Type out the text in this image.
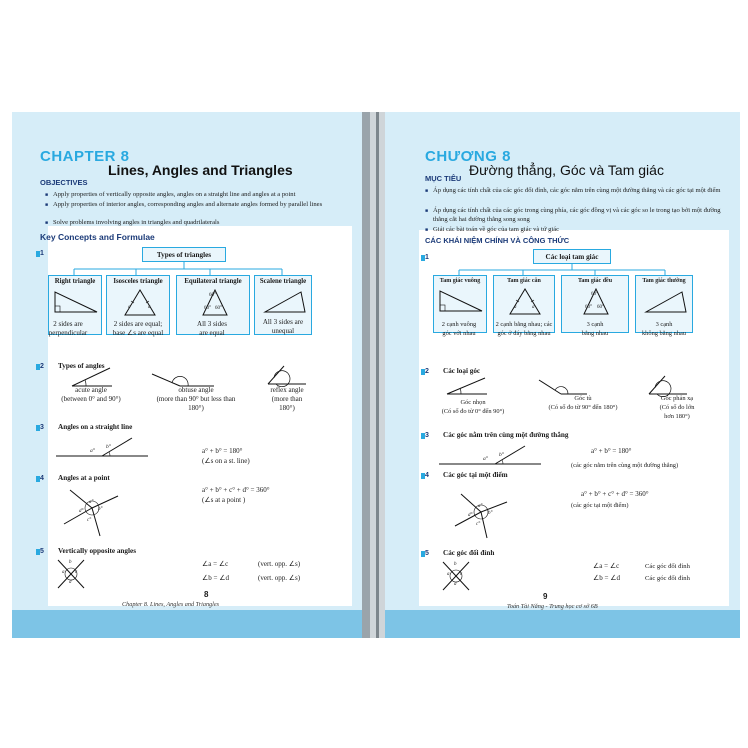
CHAPTER 8
Lines, Angles and Triangles
OBJECTIVES
■ Apply properties of vertically opposite angles, angles on a straight line and angles at a point
■ Apply properties of interior angles, corresponding angles and alternate angles formed by parallel lines
■ Solve problems involving angles in triangles and quadrilaterals
Key Concepts and Formulae
1	Types of triangles
Right triangle	Isosceles triangle
a	a
Equilateral triangle
60°
60° 60°
Scalene triangle
2 sides are
perpendicular
2 sides are equal;
base ∠s are equal
All 3 sides
are equal
All 3 sides are
unequal
2 Types of angles
acute angle
(between 0° and 90°)
obtuse angle
(more than 90° but less than
180°)
reflex angle
(more than
180°)
3 Angles on a straight line
a°
b°	a° + b° = 180°
(∠s on a st. line)
4 Angles at a point
a°
b°
c°
d°
a° + b° + c° + d° = 360°
(∠s at a point )
5 Vertically opposite angles
b
a c
d
∠a = ∠c	(vert. opp. ∠s)
∠b = ∠d	(vert. opp. ∠s)
8
Chapter 8. Lines, Angles and Triangles
CHƯƠNG 8
Đường thẳng, Góc và Tam giác
MỤC TIÊU
■ Áp dụng các tính chất của các góc đối đỉnh, các góc nằm trên cùng một đường thẳng và các góc tại một điểm
■ Áp dụng các tính chất của các góc trong cùng phía, các góc đồng vị và các góc so le trong tạo bởi một đường thẳng cắt hai đường thẳng song song
■ Giải các bài toán về góc của tam giác và tứ giác
CÁC KHÁI NIỆM CHÍNH VÀ CÔNG THỨC
1	Các loại tam giác
Tam giác vuông	Tam giác cân
a	a
Tam giác đều
60°
60° 60°
Tam giác thường
2 cạnh vuông
góc với nhau
2 cạnh bằng nhau; các
góc ở đáy bằng nhau
3 cạnh
bằng nhau
3 cạnh
không bằng nhau
2 Các loại góc
Góc nhọn
(Có số đo từ 0° đến 90°)
Góc tù
(Có số đo từ 90° đến 180°)
Góc phản xạ
(Có số đo lớn
hơn 180°)
3 Các góc nằm trên cùng một đường thẳng
a°
b°	a° + b° = 180°
(các góc nằm trên cùng một đường thẳng)
4 Các góc tại một điểm
a°
b°
c°
d°
a° + b° + c° + d° = 360°
(các góc tại một điểm)
5 Các góc đối đỉnh
b
a c
d
∠a = ∠c	Các góc đối đỉnh
∠b = ∠d	Các góc đối đỉnh
9
Toán Tài Năng - Trung học cơ sở 6B
